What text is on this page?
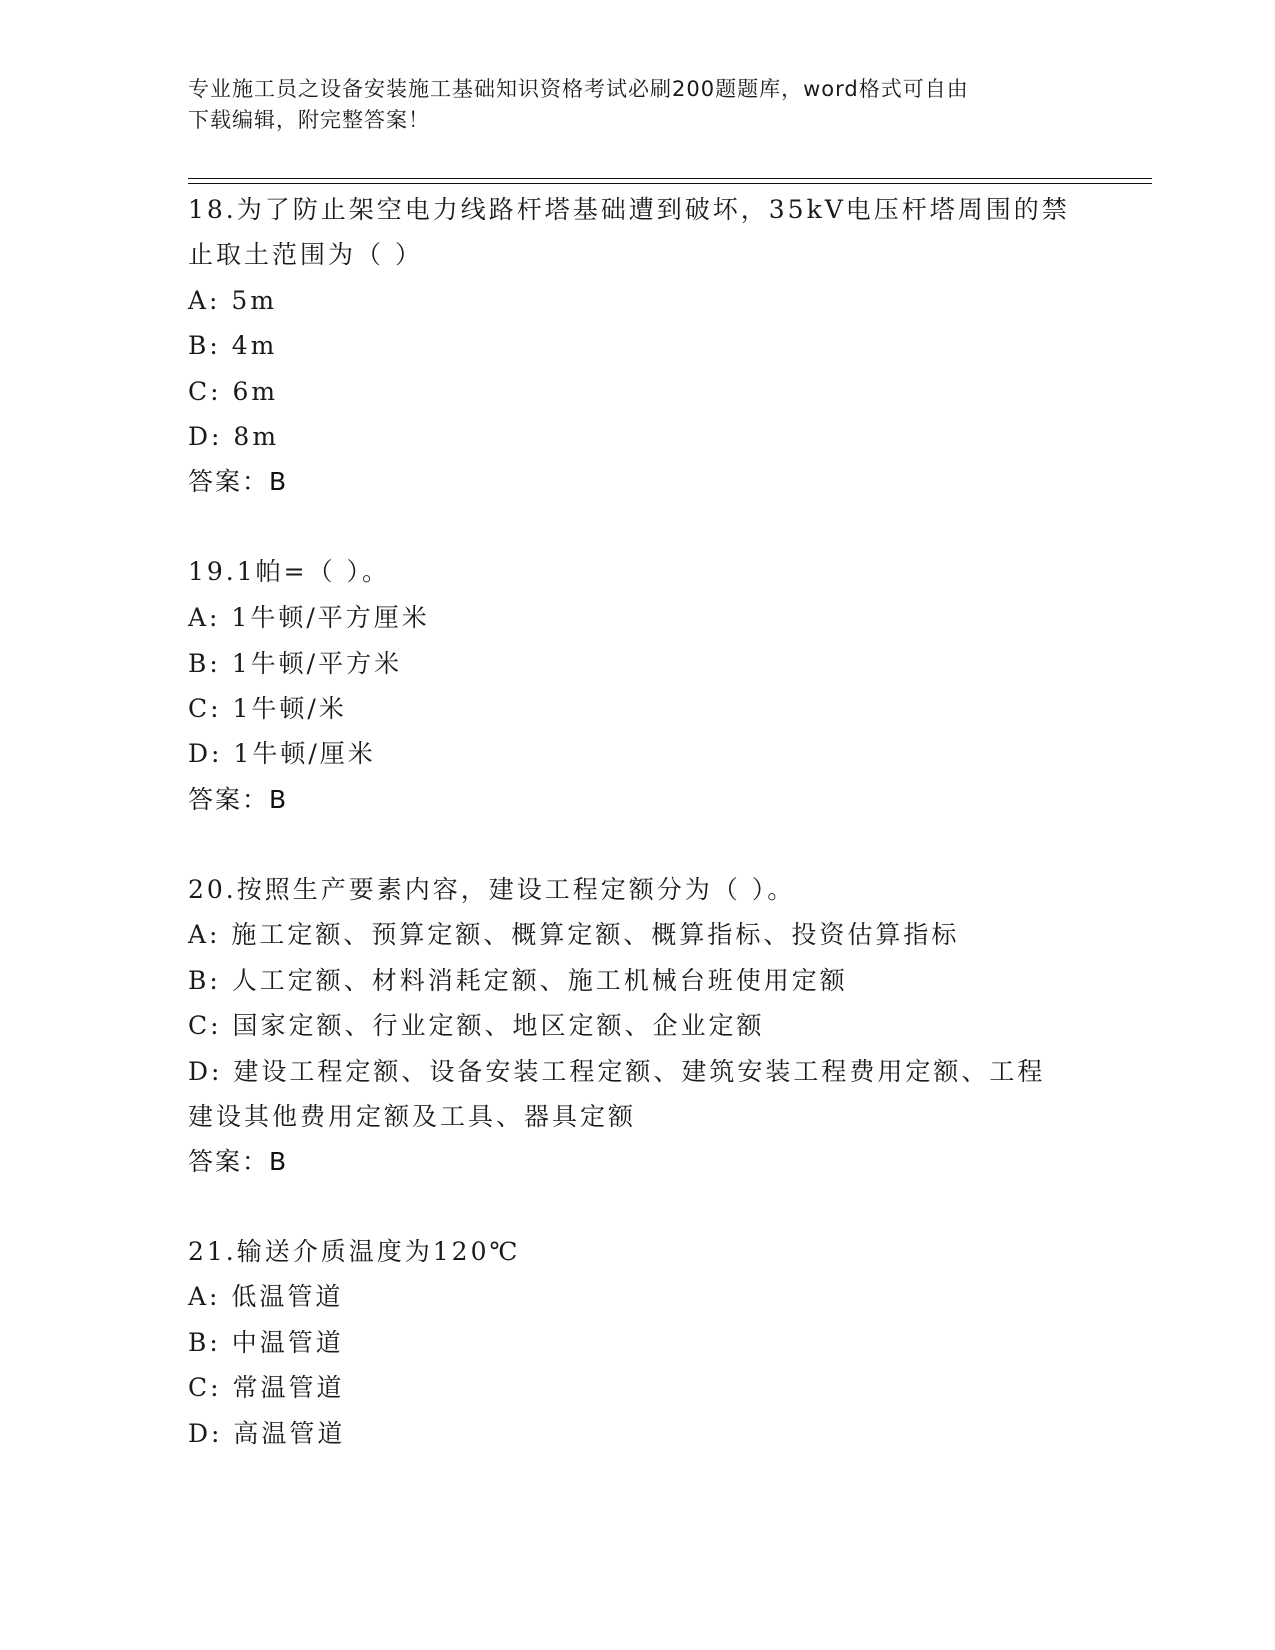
专业施工员之设备安装施工基础知识资格考试必刷200题题库，word格式可自由
下载编辑，附完整答案！
18.为了防止架空电力线路杆塔基础遭到破坏，35kV电压杆塔周围的禁
止取土范围为（ ）
A: 5m
B: 4m
C: 6m
D: 8m
答案：B
19.1帕=（ ）。
A: 1牛顿/平方厘米
B: 1牛顿/平方米
C: 1牛顿/米
D: 1牛顿/厘米
答案：B
20.按照生产要素内容，建设工程定额分为（ ）。
A: 施工定额、预算定额、概算定额、概算指标、投资估算指标
B: 人工定额、材料消耗定额、施工机械台班使用定额
C: 国家定额、行业定额、地区定额、企业定额
D: 建设工程定额、设备安装工程定额、建筑安装工程费用定额、工程
建设其他费用定额及工具、器具定额
答案：B
21.输送介质温度为120℃
A: 低温管道
B: 中温管道
C: 常温管道
D: 高温管道
